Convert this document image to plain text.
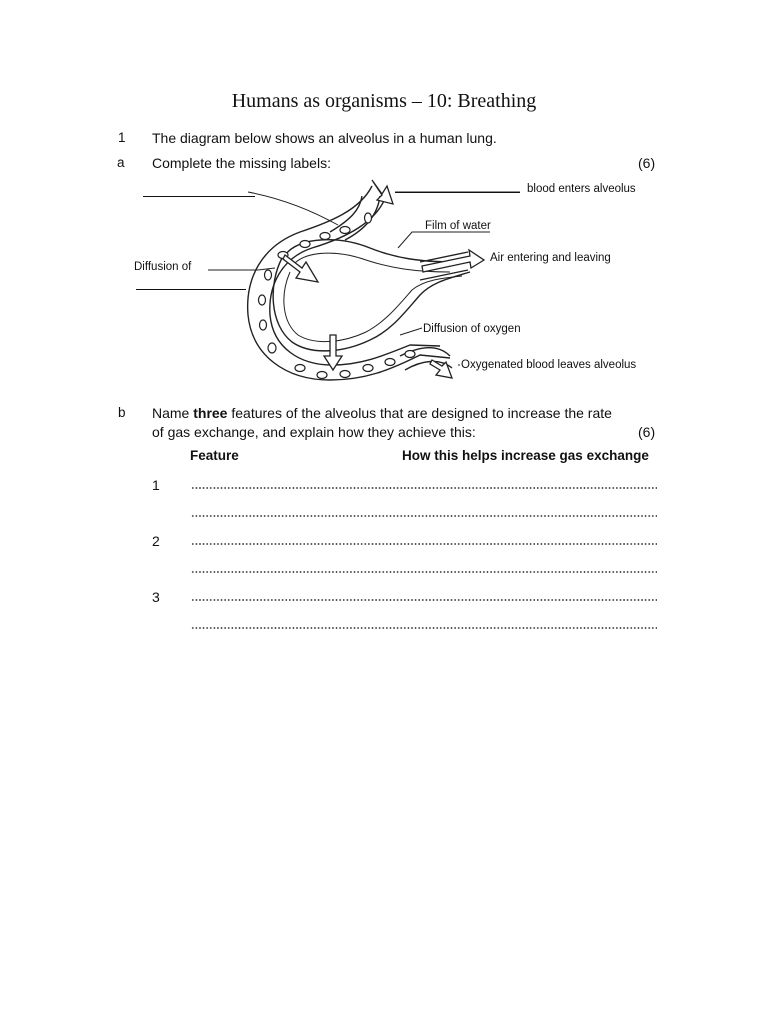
Humans as organisms – 10: Breathing
1 The diagram below shows an alveolus in a human lung.
a Complete the missing labels:	(6)
blood enters alveolus
Film of water
Air entering and leaving
Diffusion of
Diffusion of oxygen
Oxygenated blood leaves alveolus
b Name three features of the alveolus that are designed to increase the rate
of gas exchange, and explain how they achieve this:	(6)
Feature	How this helps increase gas exchange
1
2
3
